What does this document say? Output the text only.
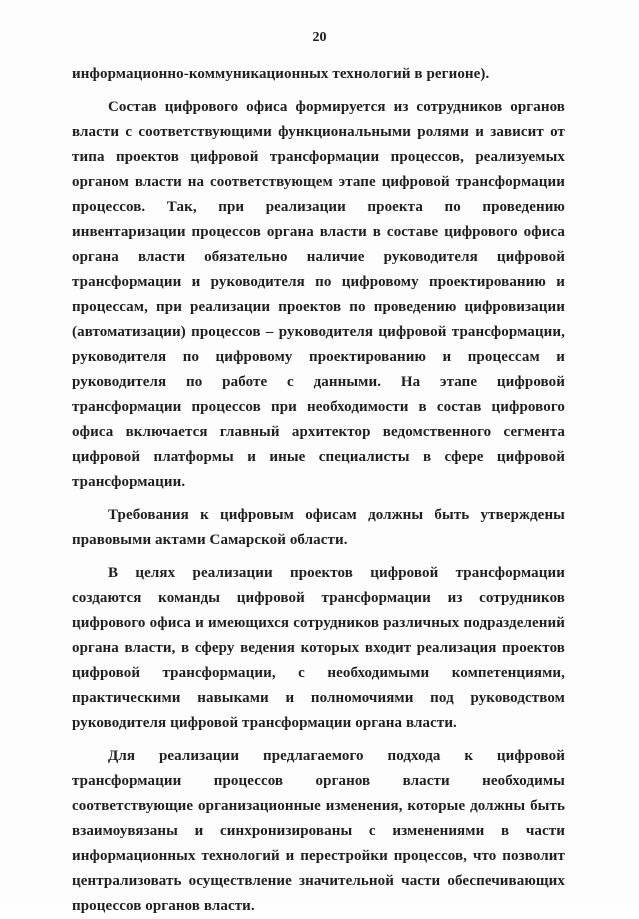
20

информационно-коммуникационных технологий в регионе).

Состав цифрового офиса формируется из сотрудников органов власти с соответствующими функциональными ролями и зависит от типа проектов цифровой трансформации процессов, реализуемых органом власти на соответствующем этапе цифровой трансформации процессов. Так, при реализации проекта по проведению инвентаризации процессов органа власти в составе цифрового офиса органа власти обязательно наличие руководителя цифровой трансформации и руководителя по цифровому проектированию и процессам, при реализации проектов по проведению цифровизации (автоматизации) процессов – руководителя цифровой трансформации, руководителя по цифровому проектированию и процессам и руководителя по работе с данными. На этапе цифровой трансформации процессов при необходимости в состав цифрового офиса включается главный архитектор ведомственного сегмента цифровой платформы и иные специалисты в сфере цифровой трансформации.

Требования к цифровым офисам должны быть утверждены правовыми актами Самарской области.

В целях реализации проектов цифровой трансформации создаются команды цифровой трансформации из сотрудников цифрового офиса и имеющихся сотрудников различных подразделений органа власти, в сферу ведения которых входит реализация проектов цифровой трансформации, с необходимыми компетенциями, практическими навыками и полномочиями под руководством руководителя цифровой трансформации органа власти.

Для реализации предлагаемого подхода к цифровой трансформации процессов органов власти необходимы соответствующие организационные изменения, которые должны быть взаимоувязаны и синхронизированы с изменениями в части информационных технологий и перестройки процессов, что позволит централизовать осуществление значительной части обеспечивающих процессов органов власти.
